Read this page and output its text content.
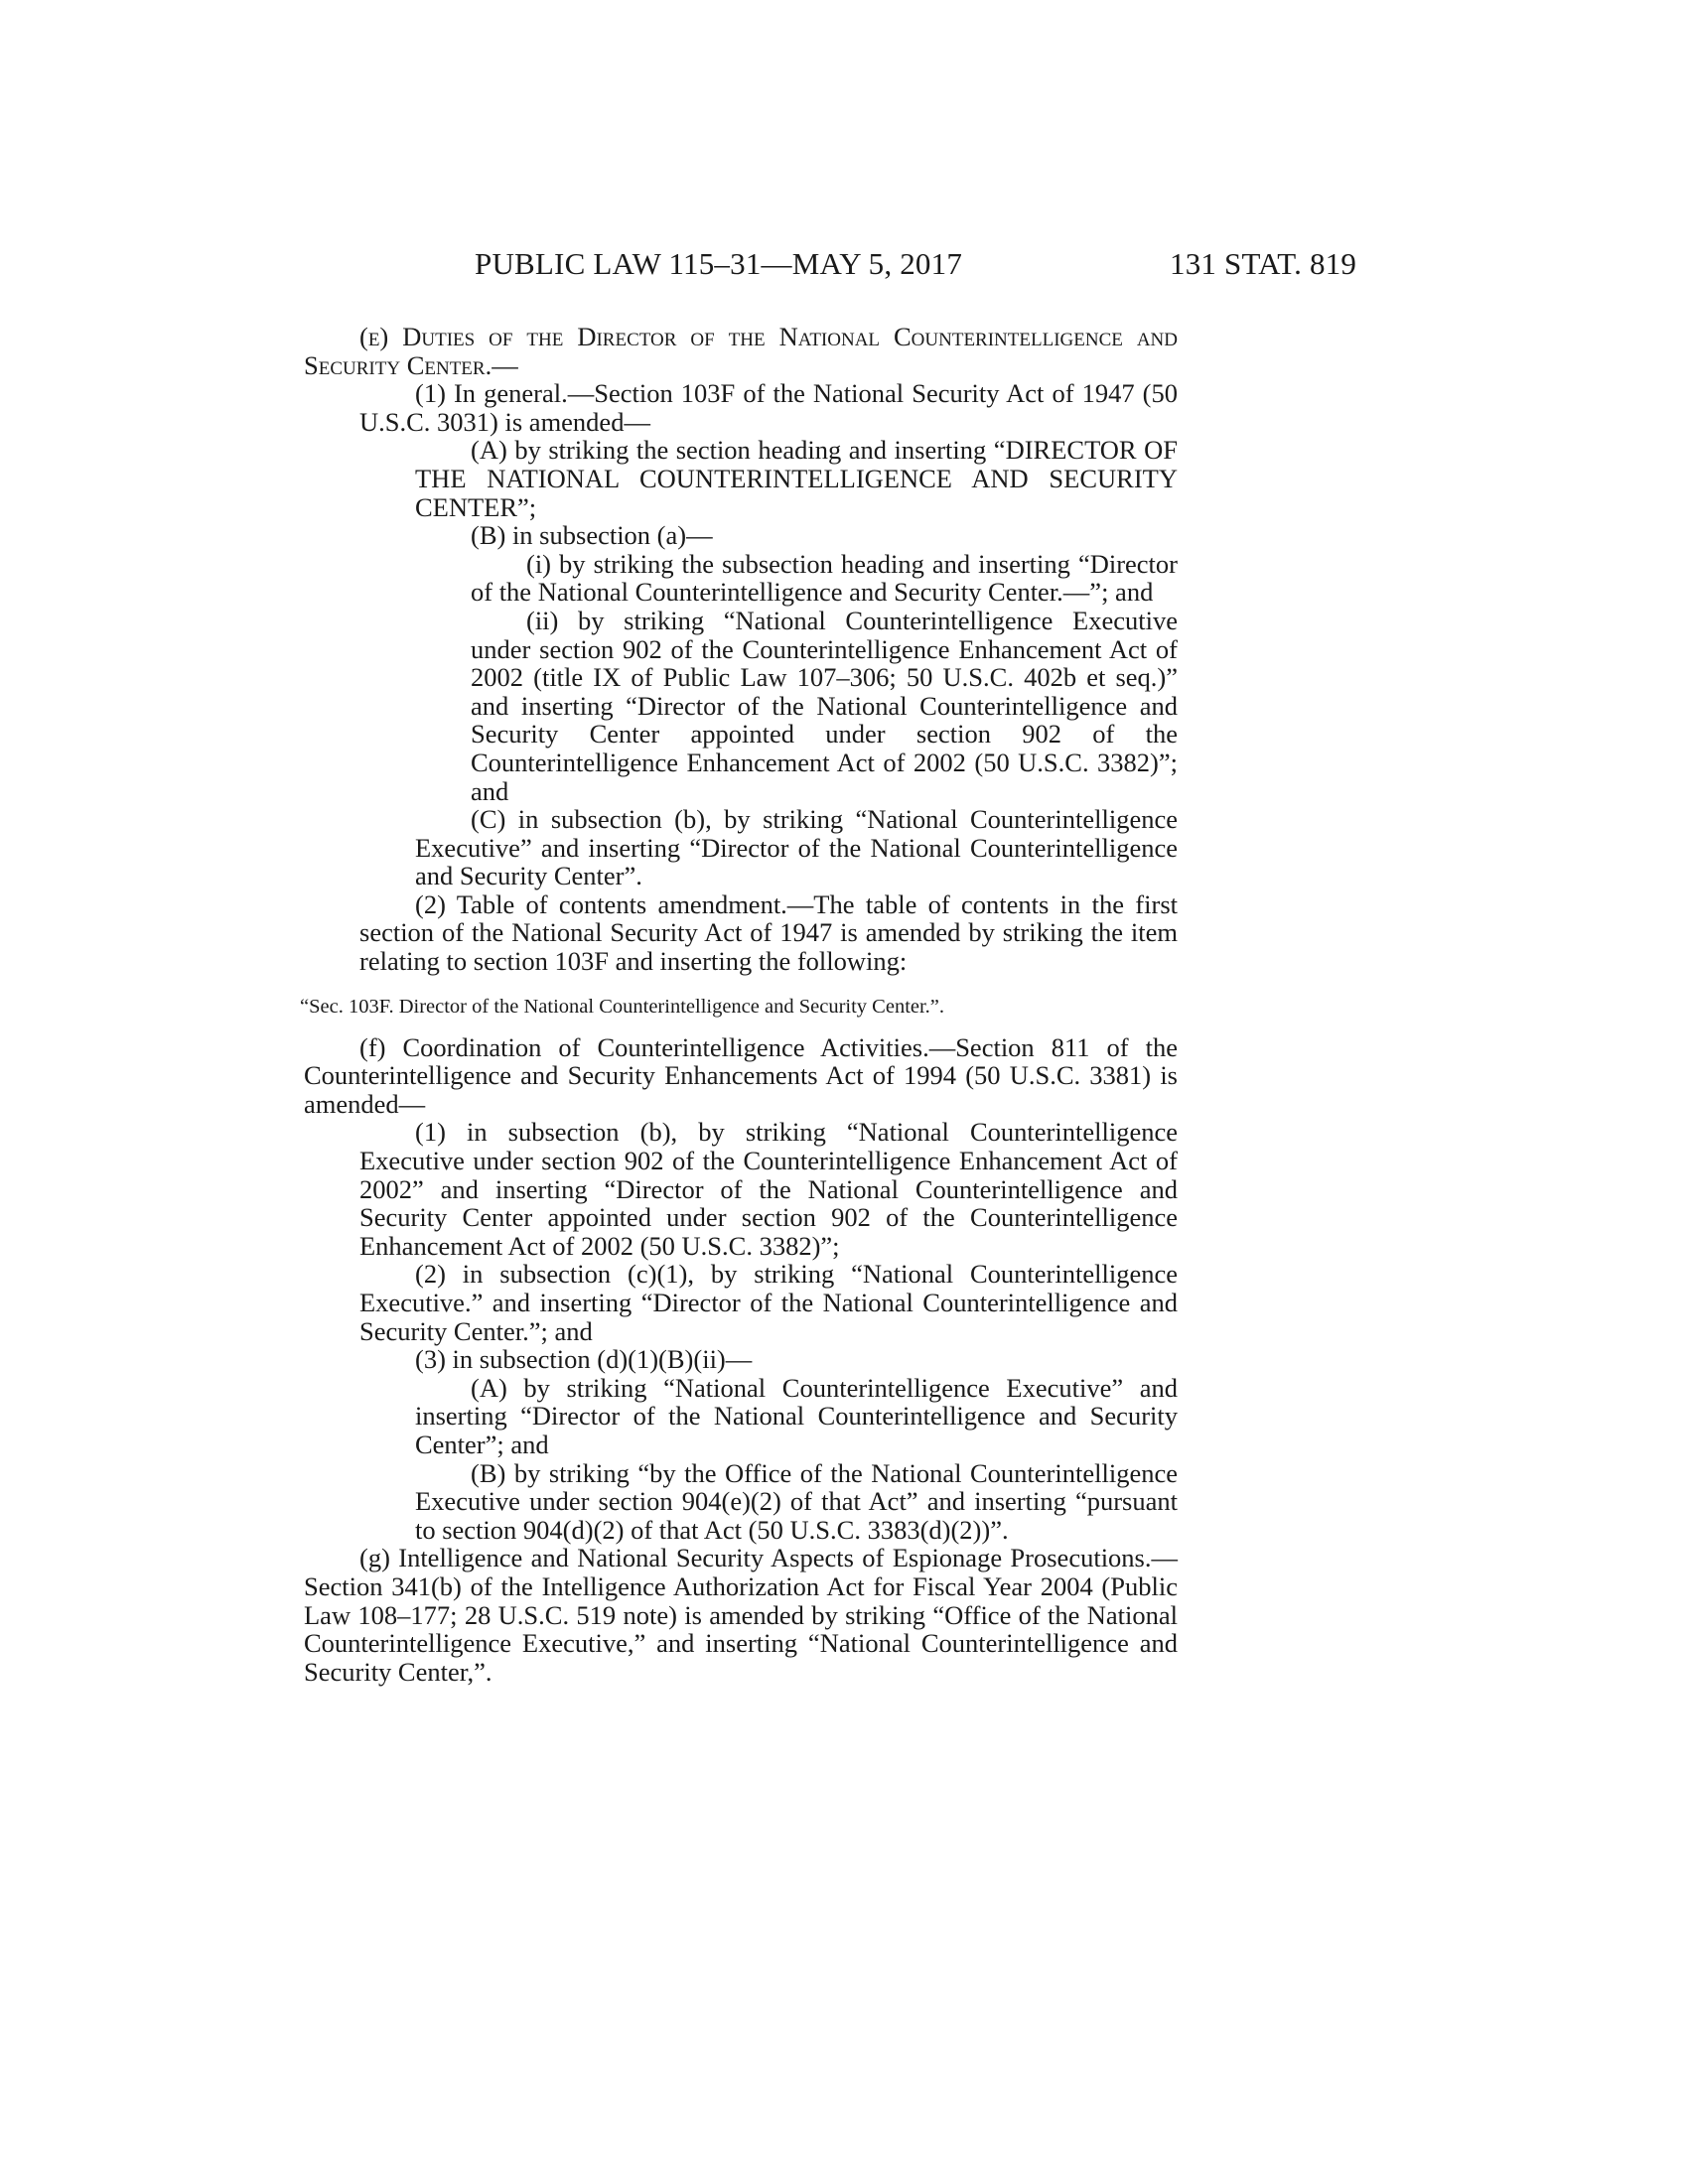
PUBLIC LAW 115–31—MAY 5, 2017	131 STAT. 819

(e) Duties of the Director of the National Counterintelligence and Security Center.—

(1) In general.—Section 103F of the National Security Act of 1947 (50 U.S.C. 3031) is amended—

(A) by striking the section heading and inserting “DIRECTOR OF THE NATIONAL COUNTERINTELLIGENCE AND SECURITY CENTER”;

(B) in subsection (a)—

(i) by striking the subsection heading and inserting “Director of the National Counterintelligence and Security Center.—”; and

(ii) by striking “National Counterintelligence Executive under section 902 of the Counterintelligence Enhancement Act of 2002 (title IX of Public Law 107–306; 50 U.S.C. 402b et seq.)” and inserting “Director of the National Counterintelligence and Security Center appointed under section 902 of the Counterintelligence Enhancement Act of 2002 (50 U.S.C. 3382)”; and

(C) in subsection (b), by striking “National Counterintelligence Executive” and inserting “Director of the National Counterintelligence and Security Center”.

(2) Table of contents amendment.—The table of contents in the first section of the National Security Act of 1947 is amended by striking the item relating to section 103F and inserting the following:

“Sec. 103F. Director of the National Counterintelligence and Security Center.”.

(f) Coordination of Counterintelligence Activities.—Section 811 of the Counterintelligence and Security Enhancements Act of 1994 (50 U.S.C. 3381) is amended—

(1) in subsection (b), by striking “National Counterintelligence Executive under section 902 of the Counterintelligence Enhancement Act of 2002” and inserting “Director of the National Counterintelligence and Security Center appointed under section 902 of the Counterintelligence Enhancement Act of 2002 (50 U.S.C. 3382)”;

(2) in subsection (c)(1), by striking “National Counterintelligence Executive.” and inserting “Director of the National Counterintelligence and Security Center.”; and

(3) in subsection (d)(1)(B)(ii)—

(A) by striking “National Counterintelligence Executive” and inserting “Director of the National Counterintelligence and Security Center”; and

(B) by striking “by the Office of the National Counterintelligence Executive under section 904(e)(2) of that Act” and inserting “pursuant to section 904(d)(2) of that Act (50 U.S.C. 3383(d)(2))”.

(g) Intelligence and National Security Aspects of Espionage Prosecutions.—Section 341(b) of the Intelligence Authorization Act for Fiscal Year 2004 (Public Law 108–177; 28 U.S.C. 519 note) is amended by striking “Office of the National Counterintelligence Executive,” and inserting “National Counterintelligence and Security Center,”.
